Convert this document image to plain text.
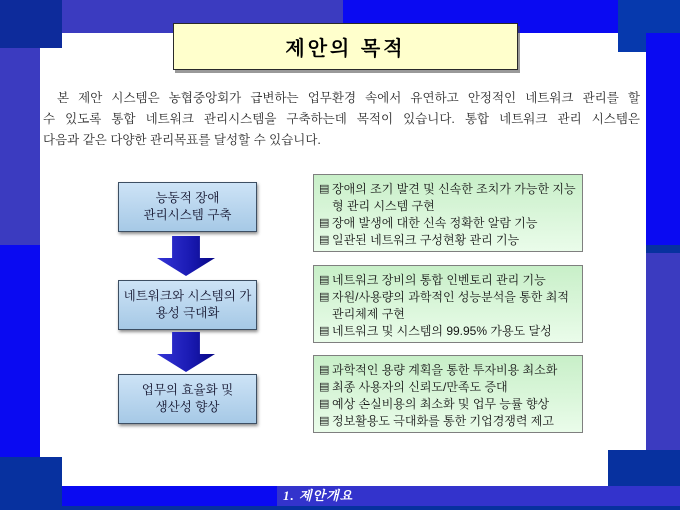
1. 제안개요
제안의 목적
본 제안 시스템은 농협중앙회가 급변하는 업무환경 속에서 유연하고 안정적인 네트워크 관리를 할
수 있도록 통합 네트워크 관리시스템을 구축하는데 목적이 있습니다. 통합 네트워크 관리 시스템은
다음과 같은 다양한 관리목표를 달성할 수 있습니다.
능동적 장애
관리시스템 구축
네트워크와 시스템의 가
용성 극대화
업무의 효율화 및
생산성 향상
▤ 장애의 조기 발견 및 신속한 조치가 가능한 지능
형 관리 시스템 구현
▤ 장애 발생에 대한 신속 정확한 알람 기능
▤ 일관된 네트워크 구성현황 관리 기능
▤ 네트워크 장비의 통합 인벤토리 관리 기능
▤ 자원/사용량의 과학적인 성능분석을 통한 최적
관리체제 구현
▤ 네트워크 및 시스템의 99.95% 가용도 달성
▤ 과학적인 용량 계획을 통한 투자비용 최소화
▤ 최종 사용자의 신뢰도/만족도 증대
▤ 예상 손실비용의 최소화 및 업무 능률 향상
▤ 정보활용도 극대화를 통한 기업경쟁력 제고
